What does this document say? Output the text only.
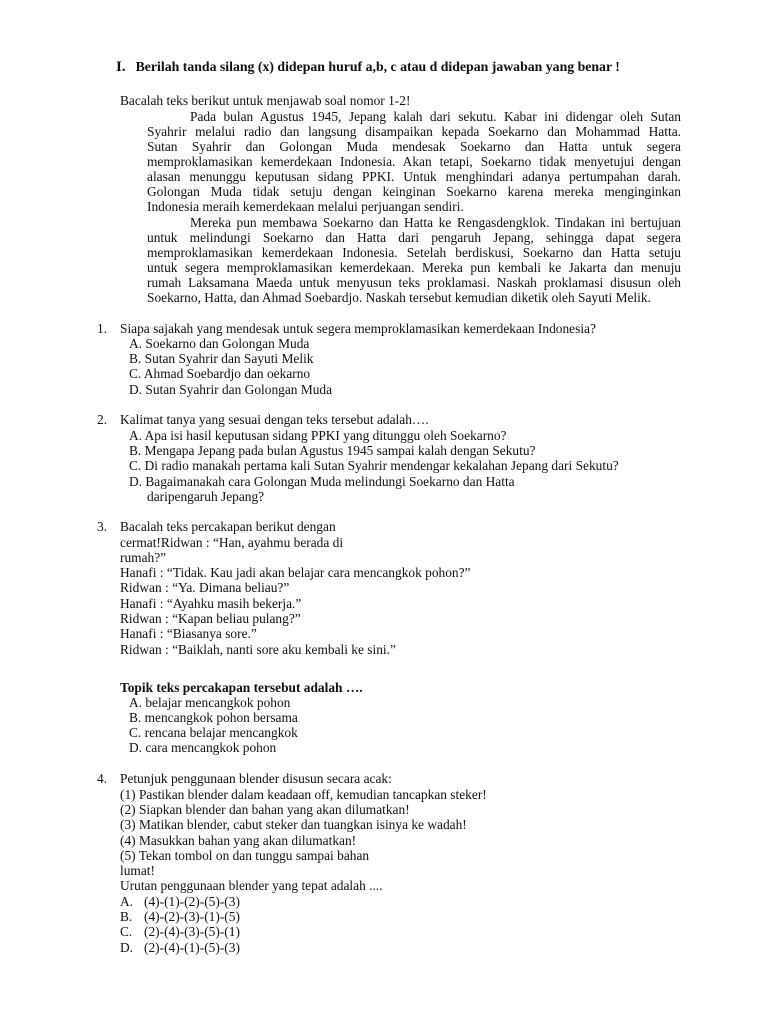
I. Berilah tanda silang (x) didepan huruf a,b, c atau d didepan jawaban yang benar !
Bacalah teks berikut untuk menjawab soal nomor 1-2!
Pada bulan Agustus 1945, Jepang kalah dari sekutu. Kabar ini didengar oleh Sutan
Syahrir melalui radio dan langsung disampaikan kepada Soekarno dan Mohammad Hatta.
Sutan Syahrir dan Golongan Muda mendesak Soekarno dan Hatta untuk segera
memproklamasikan kemerdekaan Indonesia. Akan tetapi, Soekarno tidak menyetujui dengan
alasan menunggu keputusan sidang PPKI. Untuk menghindari adanya pertumpahan darah.
Golongan Muda tidak setuju dengan keinginan Soekarno karena mereka menginginkan
Indonesia meraih kemerdekaan melalui perjuangan sendiri.
Mereka pun membawa Soekarno dan Hatta ke Rengasdengklok. Tindakan ini bertujuan
untuk melindungi Soekarno dan Hatta dari pengaruh Jepang, sehingga dapat segera
memproklamasikan kemerdekaan Indonesia. Setelah berdiskusi, Soekarno dan Hatta setuju
untuk segera memproklamasikan kemerdekaan. Mereka pun kembali ke Jakarta dan menuju
rumah Laksamana Maeda untuk menyusun teks proklamasi. Naskah proklamasi disusun oleh
Soekarno, Hatta, dan Ahmad Soebardjo. Naskah tersebut kemudian diketik oleh Sayuti Melik.
1. Siapa sajakah yang mendesak untuk segera memproklamasikan kemerdekaan Indonesia?
A. Soekarno dan Golongan Muda
B. Sutan Syahrir dan Sayuti Melik
C. Ahmad Soebardjo dan oekarno
D. Sutan Syahrir dan Golongan Muda
2. Kalimat tanya yang sesuai dengan teks tersebut adalah….
A. Apa isi hasil keputusan sidang PPKI yang ditunggu oleh Soekarno?
B. Mengapa Jepang pada bulan Agustus 1945 sampai kalah dengan Sekutu?
C. Di radio manakah pertama kali Sutan Syahrir mendengar kekalahan Jepang dari Sekutu?
D. Bagaimanakah cara Golongan Muda melindungi Soekarno dan Hatta
daripengaruh Jepang?
3. Bacalah teks percakapan berikut dengan
cermat!Ridwan : “Han, ayahmu berada di
rumah?”
Hanafi : “Tidak. Kau jadi akan belajar cara mencangkok pohon?”
Ridwan : “Ya. Dimana beliau?”
Hanafi : “Ayahku masih bekerja.”
Ridwan : “Kapan beliau pulang?”
Hanafi : “Biasanya sore.”
Ridwan : “Baiklah, nanti sore aku kembali ke sini.”
Topik teks percakapan tersebut adalah ….
A. belajar mencangkok pohon
B. mencangkok pohon bersama
C. rencana belajar mencangkok
D. cara mencangkok pohon
4. Petunjuk penggunaan blender disusun secara acak:
(1) Pastikan blender dalam keadaan off, kemudian tancapkan steker!
(2) Siapkan blender dan bahan yang akan dilumatkan!
(3) Matikan blender, cabut steker dan tuangkan isinya ke wadah!
(4) Masukkan bahan yang akan dilumatkan!
(5) Tekan tombol on dan tunggu sampai bahan
lumat!
Urutan penggunaan blender yang tepat adalah ....
A. (4)-(1)-(2)-(5)-(3)
B. (4)-(2)-(3)-(1)-(5)
C. (2)-(4)-(3)-(5)-(1)
D. (2)-(4)-(1)-(5)-(3)
